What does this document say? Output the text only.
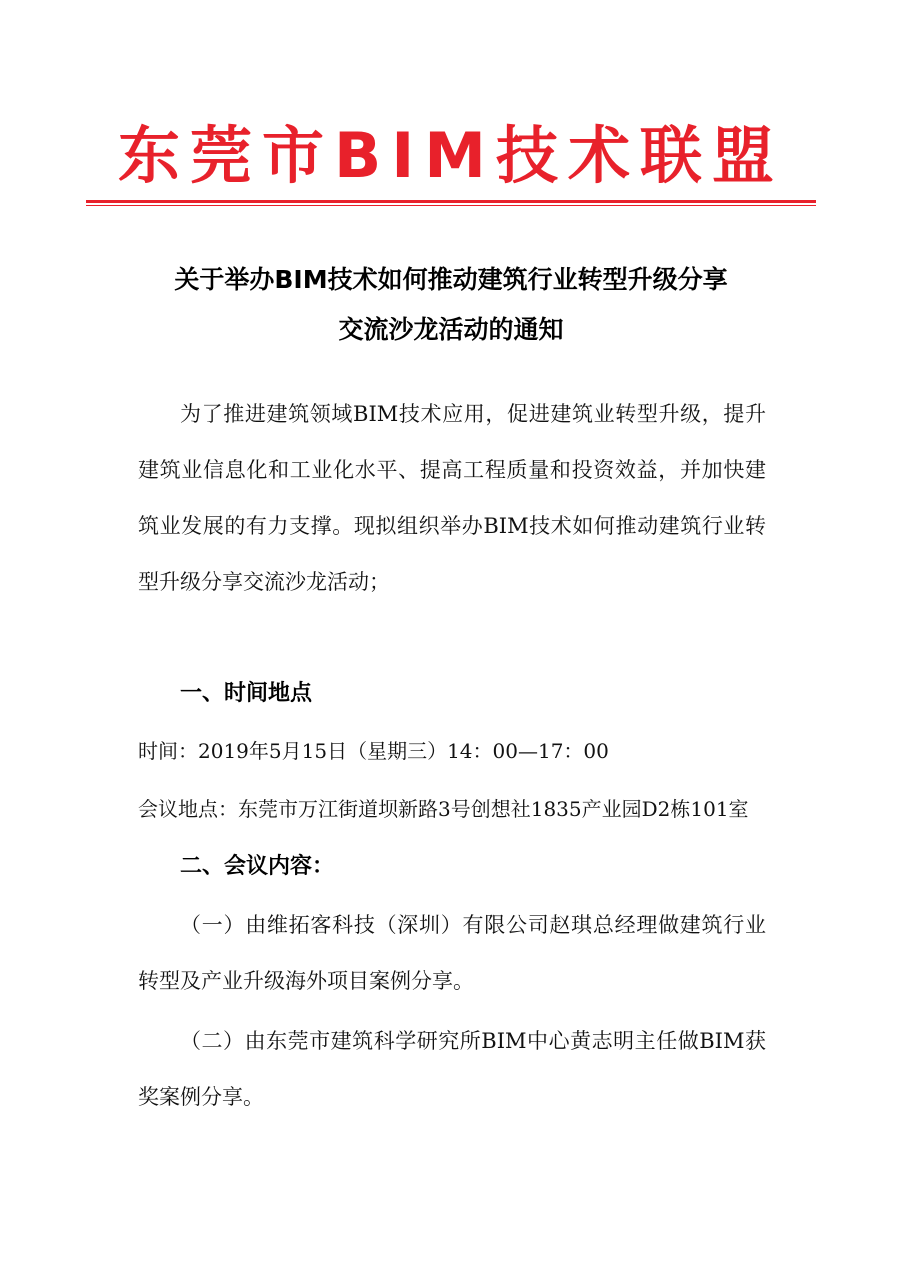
东莞市BIM技术联盟
关于举办BIM技术如何推动建筑行业转型升级分享
交流沙龙活动的通知
为了推进建筑领域BIM技术应用，促进建筑业转型升级，提升建筑业信息化和工业化水平、提高工程质量和投资效益，并加快建筑业发展的有力支撑。现拟组织举办BIM技术如何推动建筑行业转型升级分享交流沙龙活动；
一、时间地点
时间：2019年5月15日（星期三）14：00—17：00
会议地点：东莞市万江街道坝新路3号创想社1835产业园D2栋101室
二、会议内容：
（一）由维拓客科技（深圳）有限公司赵琪总经理做建筑行业转型及产业升级海外项目案例分享。
（二）由东莞市建筑科学研究所BIM中心黄志明主任做BIM获奖案例分享。
